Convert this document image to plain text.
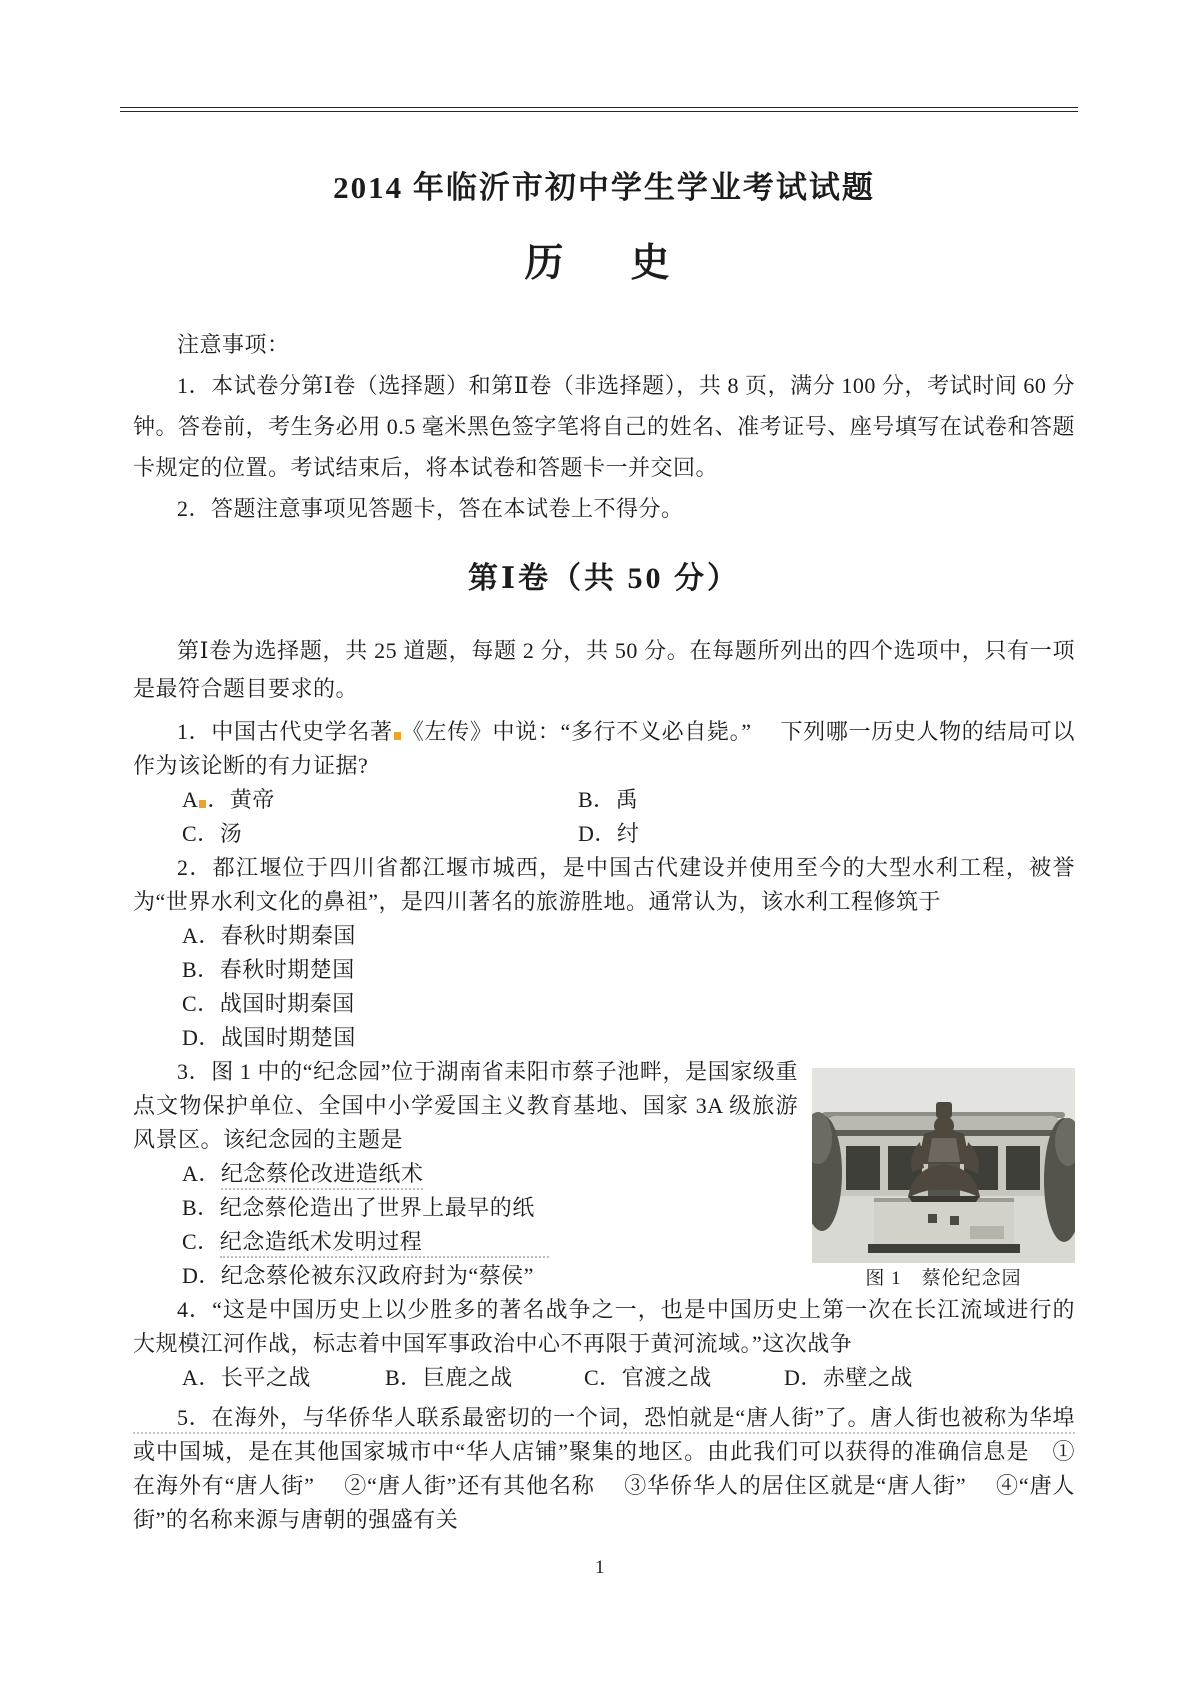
2014 年临沂市初中学生学业考试试题
历　史
注意事项：

1．本试卷分第Ⅰ卷（选择题）和第Ⅱ卷（非选择题），共 8 页，满分 100 分，考试时间 60 分钟。答卷前，考生务必用 0.5 毫米黑色签字笔将自己的姓名、准考证号、座号填写在试卷和答题卡规定的位置。考试结束后，将本试卷和答题卡一并交回。

2．答题注意事项见答题卡，答在本试卷上不得分。

第Ⅰ卷（共 50 分）

第Ⅰ卷为选择题，共 25 道题，每题 2 分，共 50 分。在每题所列出的四个选项中，只有一项是最符合题目要求的。

1．中国古代史学名著 《左传》中说：“多行不义必自毙。”　 下列哪一历史人物的结局可以作为该论断的有力证据?

A ．黄帝	B．禹
C．汤	D．纣

2．都江堰位于四川省都江堰市城西，是中国古代建设并使用至今的大型水利工程，被誉为“世界水利文化的鼻祖”，是四川著名的旅游胜地。通常认为，该水利工程修筑于

A．春秋时期秦国
B．春秋时期楚国
C．战国时期秦国
D．战国时期楚国
图 1　蔡伦纪念园

3．图 1 中的“纪念园”位于湖南省耒阳市蔡子池畔，是国家级重点文物保护单位、全国中小学爱国主义教育基地、国家 3A 级旅游风景区。该纪念园的主题是

A．纪念蔡伦改进造纸术
B．纪念蔡伦造出了世界上最早的纸
C．纪念造纸术发明过程
D．纪念蔡伦被东汉政府封为“蔡侯”

4．“这是中国历史上以少胜多的著名战争之一，也是中国历史上第一次在长江流域进行的大规模江河作战，标志着中国军事政治中心不再限于黄河流域。”这次战争

A．长平之战	B．巨鹿之战	C．官渡之战	D．赤壁之战

5．在海外，与华侨华人联系最密切的一个词，恐怕就是“唐人街”了。唐人街也被称为华埠或中国城，是在其他国家城市中“华人店铺”聚集的地区。由此我们可以获得的准确信息是　①在海外有“唐人街”　 ②“唐人街”还有其他名称　 ③华侨华人的居住区就是“唐人街”　 ④“唐人街”的名称来源与唐朝的强盛有关

1
